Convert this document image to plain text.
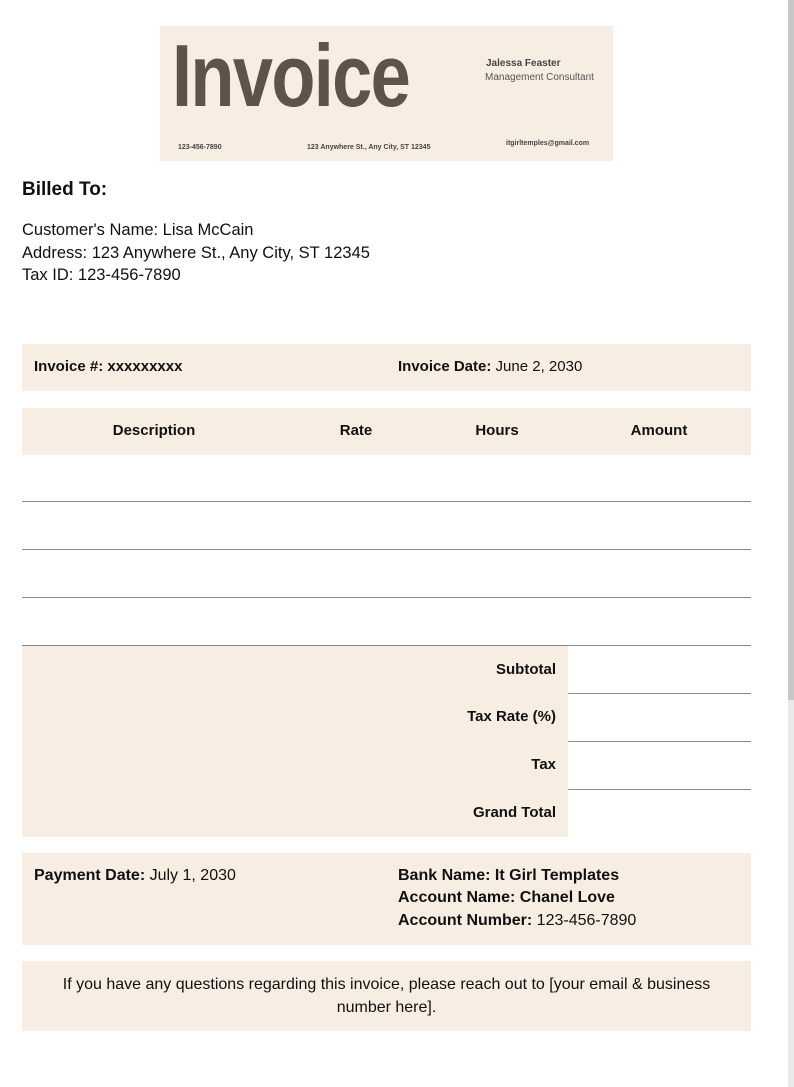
Invoice	Jalessa Feaster
Management Consultant
123-456-7890	123 Anywhere St., Any City, ST 12345
itgirltemples@gmail.com
Billed To:
Customer's Name: Lisa McCain
Address: 123 Anywhere St., Any City, ST 12345
Tax ID: 123-456-7890
Invoice #: xxxxxxxxx	Invoice Date: June 2, 2030
Description	Rate	Hours	Amount
Subtotal
Tax Rate (%)
Tax
Grand Total
Payment Date: July 1, 2030	Bank Name: It Girl Templates
Account Name: Chanel Love
Account Number: 123-456-7890
If you have any questions regarding this invoice, please reach out to [your email & business number here].
